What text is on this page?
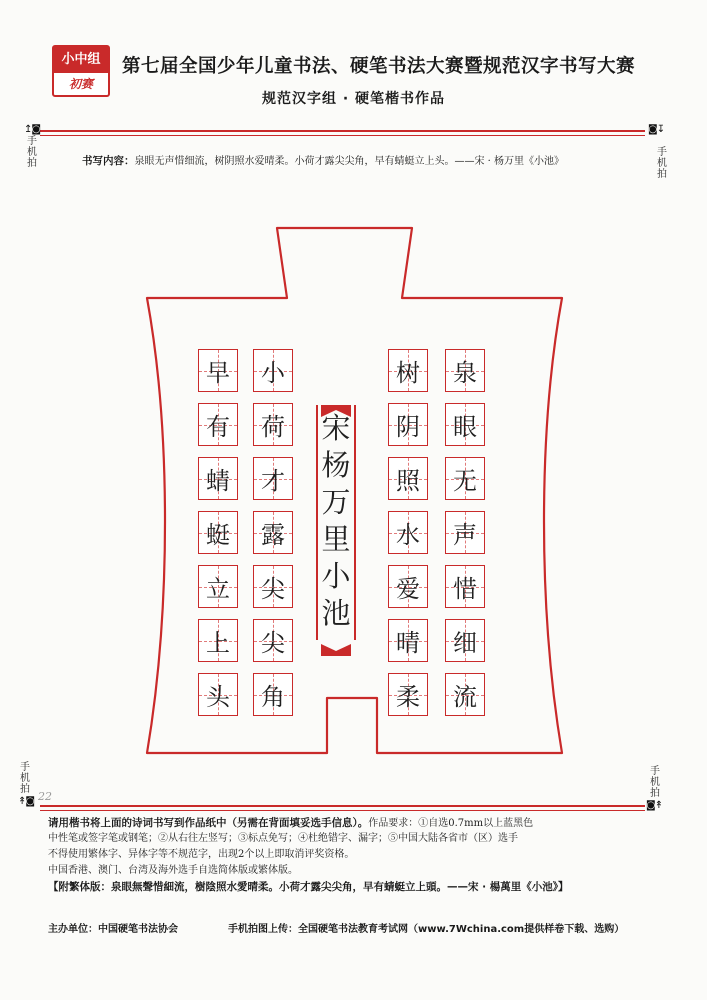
小中组
初赛
第七届全国少年儿童书法、硬笔书法大赛暨规范汉字书写大赛
规范汉字组 · 硬笔楷书作品
↥◙
手机拍
◙↧
手机拍
书写内容：泉眼无声惜细流，树阴照水爱晴柔。小荷才露尖尖角，早有蜻蜓立上头。——宋 · 杨万里《小池》
泉
眼
无
声
惜
细
流
树
阴
照
水
爱
晴
柔
小
荷
才
露
尖
尖
角
早
有
蜻
蜓
立
上
头
宋
杨
万
里
小
池
手机拍
↟◙
手机拍
◙↟
22
请用楷书将上面的诗词书写到作品纸中（另需在背面填妥选手信息）。作品要求：①自选0.7mm以上蓝黑色
中性笔或签字笔或钢笔；②从右往左竖写；③标点免写；④杜绝错字、漏字；⑤中国大陆各省市（区）选手
不得使用繁体字、异体字等不规范字，出现2个以上即取消评奖资格。
中国香港、澳门、台湾及海外选手自选简体版或繁体版。
【附繁体版：泉眼無聲惜細流，樹陰照水愛晴柔。小荷才露尖尖角，早有蜻蜓立上頭。——宋 · 楊萬里《小池》】
主办单位：中国硬笔书法协会	手机拍图上传：全国硬笔书法教育考试网（www.7Wchina.com提供样卷下载、选购）
